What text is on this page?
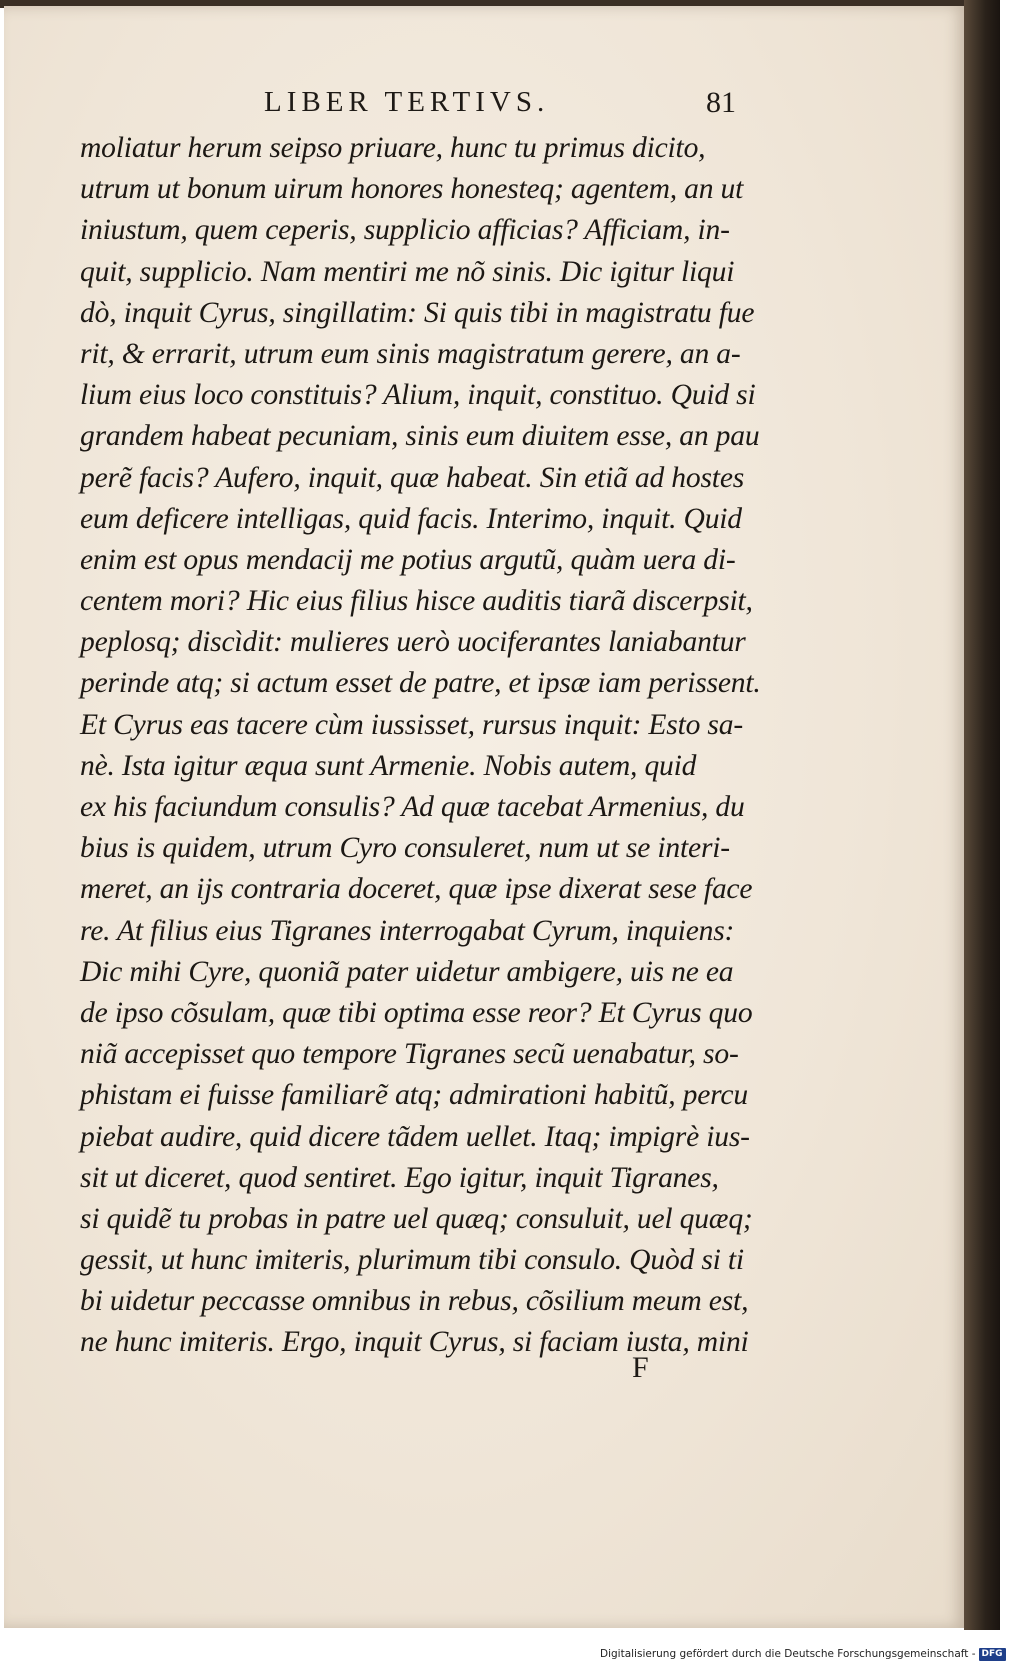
LIBER TERTIVS.	81
moliatur herum seipso priuare, hunc tu primus dicito,
utrum ut bonum uirum honores honesteq; agentem, an ut
iniustum, quem ceperis, supplicio afficias? Afficiam, in-
quit, supplicio. Nam mentiri me nõ sinis. Dic igitur liqui
dò, inquit Cyrus, singillatim: Si quis tibi in magistratu fue
rit, & errarit, utrum eum sinis magistratum gerere, an a-
lium eius loco constituis? Alium, inquit, constituo. Quid si
grandem habeat pecuniam, sinis eum diuitem esse, an pau
perẽ facis? Aufero, inquit, quæ habeat. Sin etiã ad hostes
eum deficere intelligas, quid facis. Interimo, inquit. Quid
enim est opus mendacij me potius argutũ, quàm uera di-
centem mori? Hic eius filius hisce auditis tiarã discerpsit,
peplosq; discìdit: mulieres uerò uociferantes laniabantur
perinde atq; si actum esset de patre, et ipsæ iam perissent.
Et Cyrus eas tacere cùm iussisset, rursus inquit: Esto sa-
nè. Ista igitur æqua sunt Armenie. Nobis autem, quid
ex his faciundum consulis? Ad quæ tacebat Armenius, du
bius is quidem, utrum Cyro consuleret, num ut se interi-
meret, an ijs contraria doceret, quæ ipse dixerat sese face
re. At filius eius Tigranes interrogabat Cyrum, inquiens:
Dic mihi Cyre, quoniã pater uidetur ambigere, uis ne ea
de ipso cõsulam, quæ tibi optima esse reor? Et Cyrus quo
niã accepisset quo tempore Tigranes secũ uenabatur, so-
phistam ei fuisse familiarẽ atq; admirationi habitũ, percu
piebat audire, quid dicere tãdem uellet. Itaq; impigrè ius-
sit ut diceret, quod sentiret. Ego igitur, inquit Tigranes,
si quidẽ tu probas in patre uel quæq; consuluit, uel quæq;
gessit, ut hunc imiteris, plurimum tibi consulo. Quòd si ti
bi uidetur peccasse omnibus in rebus, cõsilium meum est,
ne hunc imiteris. Ergo, inquit Cyrus, si faciam iusta, mini
F
Digitalisierung gefördert durch die Deutsche Forschungsgemeinschaft - DFG
